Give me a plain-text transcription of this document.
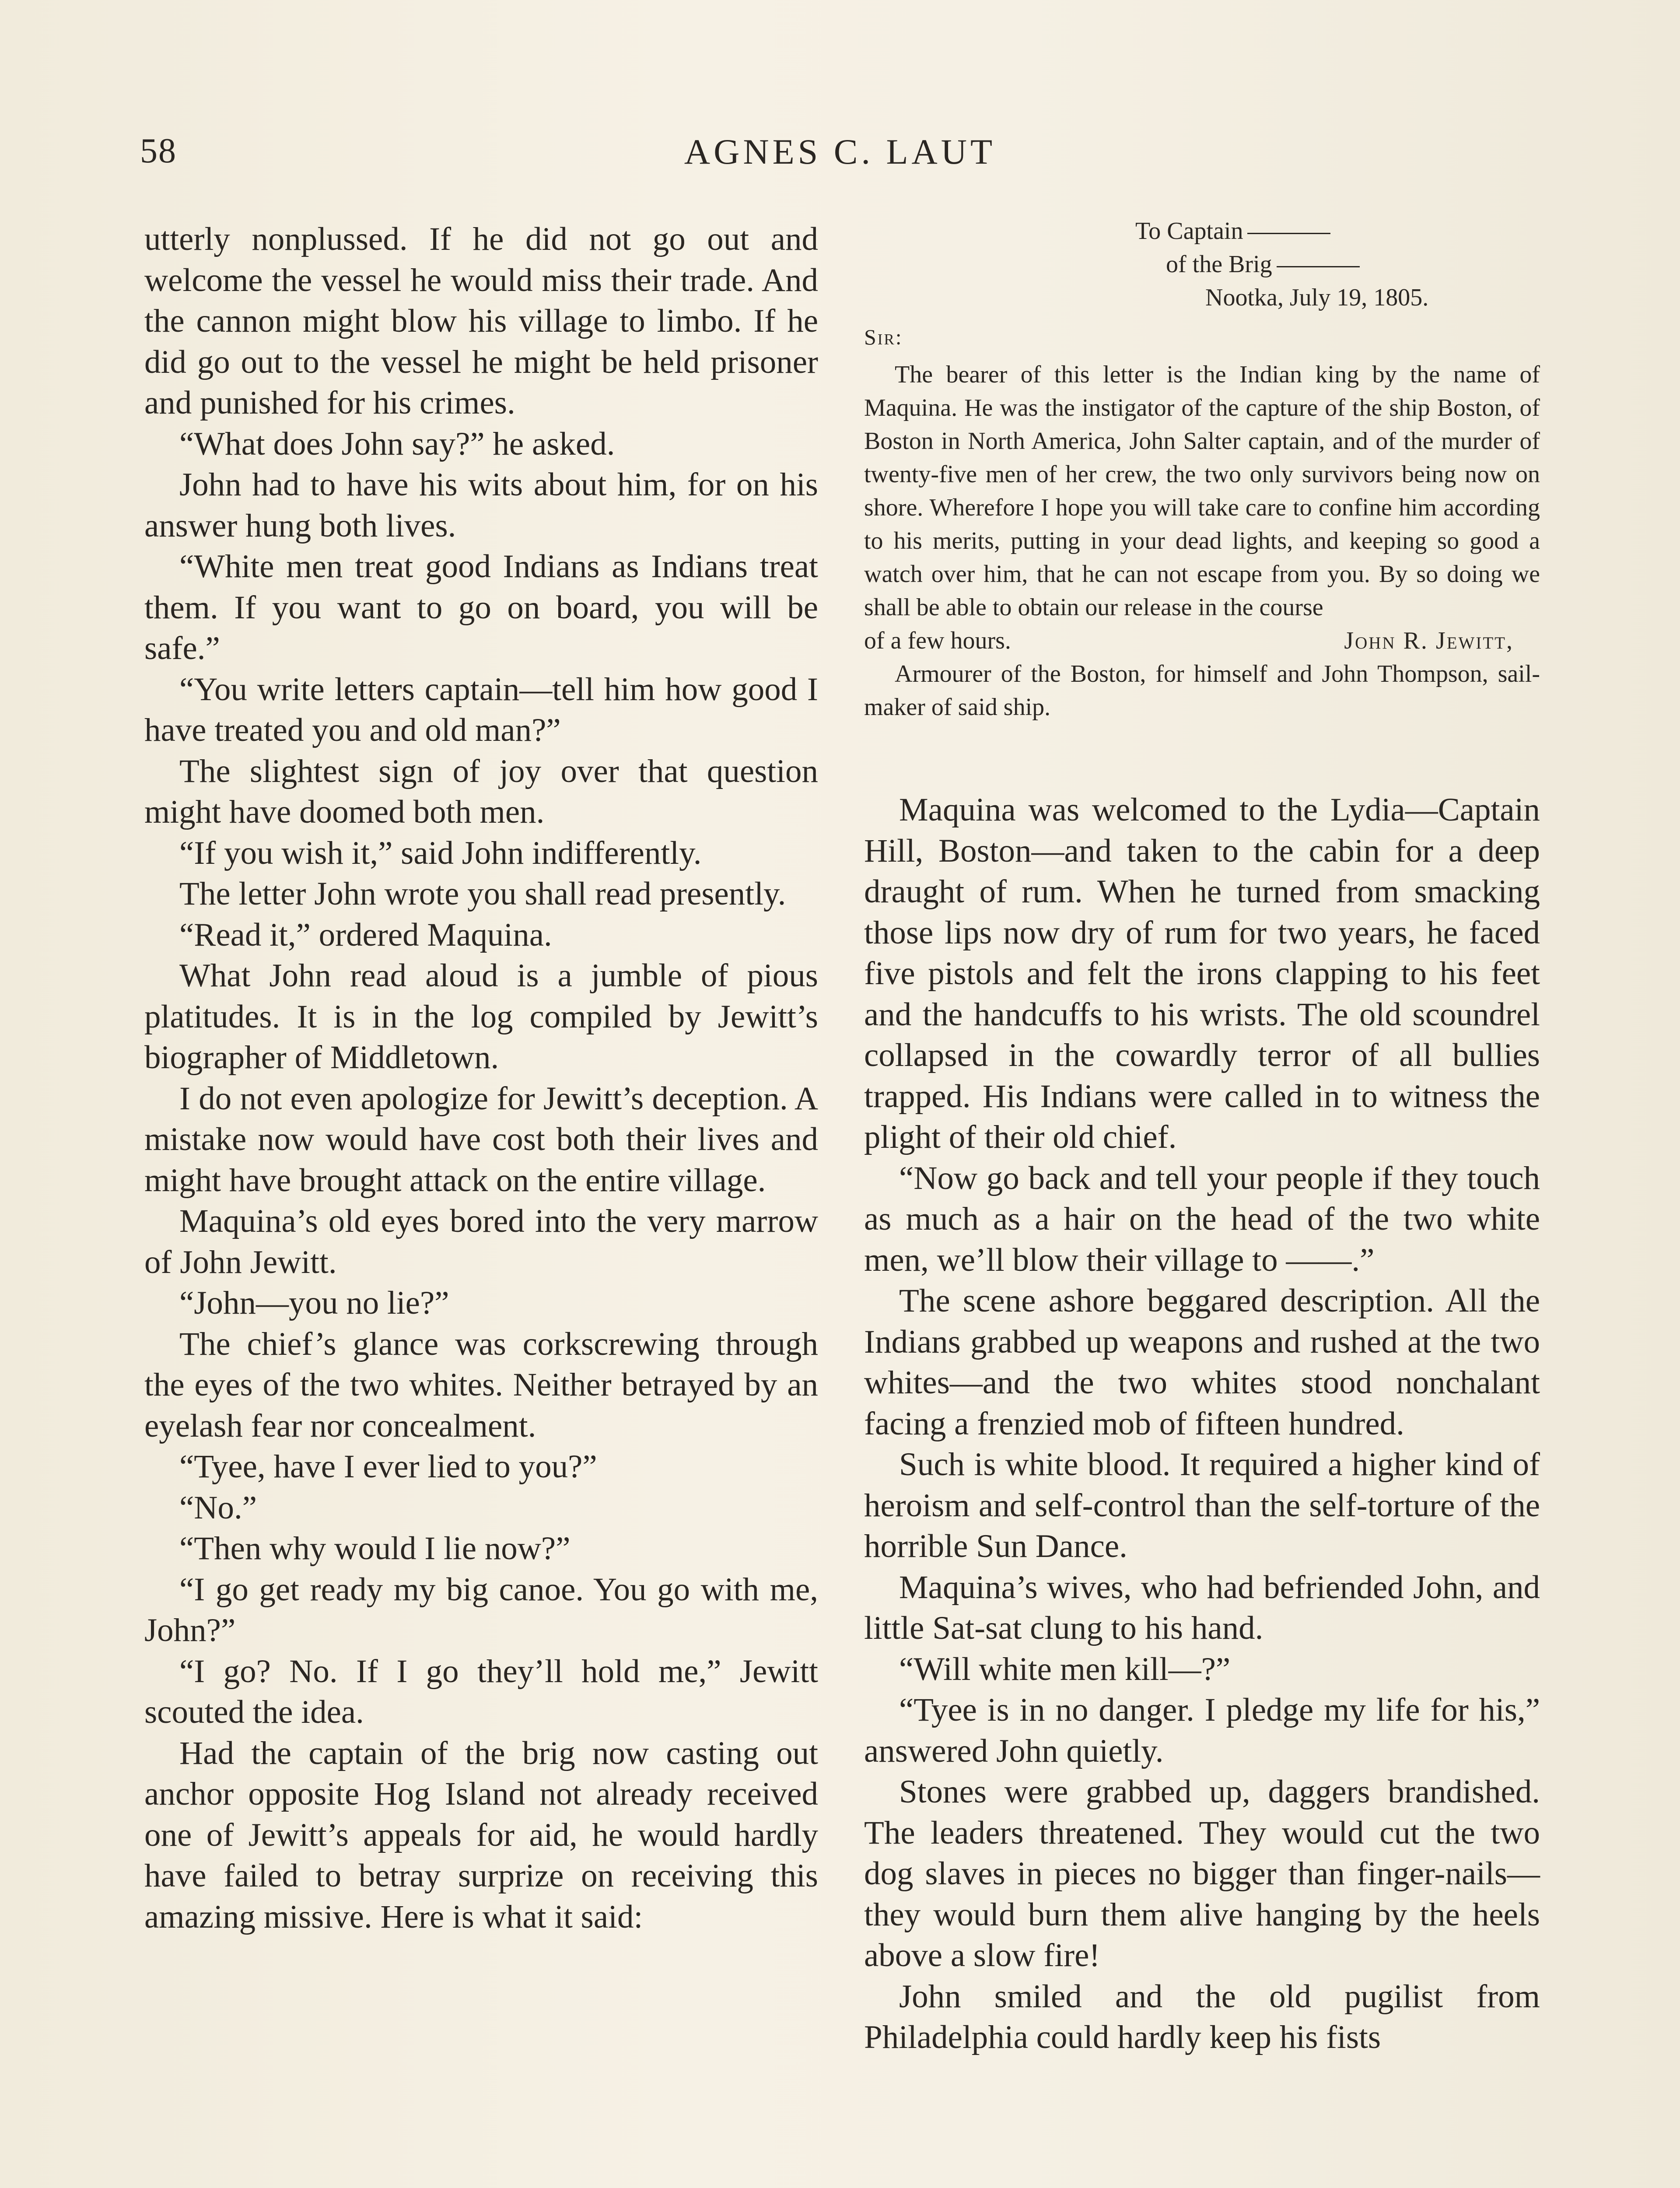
58	AGNES C. LAUT

utterly nonplussed. If he did not go out and welcome the vessel he would miss their trade. And the cannon might blow his village to limbo. If he did go out to the vessel he might be held prisoner and punished for his crimes.

“What does John say?” he asked.

John had to have his wits about him, for on his answer hung both lives.

“White men treat good Indians as Indians treat them. If you want to go on board, you will be safe.”

“You write letters captain—tell him how good I have treated you and old man?”

The slightest sign of joy over that question might have doomed both men.

“If you wish it,” said John indifferently.

The letter John wrote you shall read presently.

“Read it,” ordered Maquina.

What John read aloud is a jumble of pious platitudes. It is in the log compiled by Jewitt’s biographer of Middletown.

I do not even apologize for Jewitt’s deception. A mistake now would have cost both their lives and might have brought attack on the entire village.

Maquina’s old eyes bored into the very marrow of John Jewitt.

“John—you no lie?”

The chief’s glance was corkscrewing through the eyes of the two whites. Neither betrayed by an eyelash fear nor concealment.

“Tyee, have I ever lied to you?”

“No.”

“Then why would I lie now?”

“I go get ready my big canoe. You go with me, John?”

“I go? No. If I go they’ll hold me,” Jewitt scouted the idea.

Had the captain of the brig now casting out anchor opposite Hog Island not already received one of Jewitt’s appeals for aid, he would hardly have failed to betray surprize on receiving this amazing missive. Here is what it said:

To Captain

of the Brig

Nootka, July 19, 1805.

Sir:

The bearer of this letter is the Indian king by the name of Maquina. He was the instigator of the capture of the ship Boston, of Boston in North America, John Salter captain, and of the murder of twenty-five men of her crew, the two only survivors being now on shore. Wherefore I hope you will take care to confine him according to his merits, putting in your dead lights, and keeping so good a watch over him, that he can not escape from you. By so doing we shall be able to obtain our release in the course

of a few hours.	John R. Jewitt,

Armourer of the Boston, for himself and John Thompson, sail-maker of said ship.

Maquina was welcomed to the Lydia—Captain Hill, Boston—and taken to the cabin for a deep draught of rum. When he turned from smacking those lips now dry of rum for two years, he faced five pistols and felt the irons clapping to his feet and the handcuffs to his wrists. The old scoundrel collapsed in the cowardly terror of all bullies trapped. His Indians were called in to witness the plight of their old chief.

“Now go back and tell your people if they touch as much as a hair on the head of the two white men, we’ll blow their village to ——.”

The scene ashore beggared description. All the Indians grabbed up weapons and rushed at the two whites—and the two whites stood nonchalant facing a frenzied mob of fifteen hundred.

Such is white blood. It required a higher kind of heroism and self-control than the self-torture of the horrible Sun Dance.

Maquina’s wives, who had befriended John, and little Sat-sat clung to his hand.

“Will white men kill—?”

“Tyee is in no danger. I pledge my life for his,” answered John quietly.

Stones were grabbed up, daggers brandished. The leaders threatened. They would cut the two dog slaves in pieces no bigger than finger-nails—they would burn them alive hanging by the heels above a slow fire!

John smiled and the old pugilist from Philadelphia could hardly keep his fists
